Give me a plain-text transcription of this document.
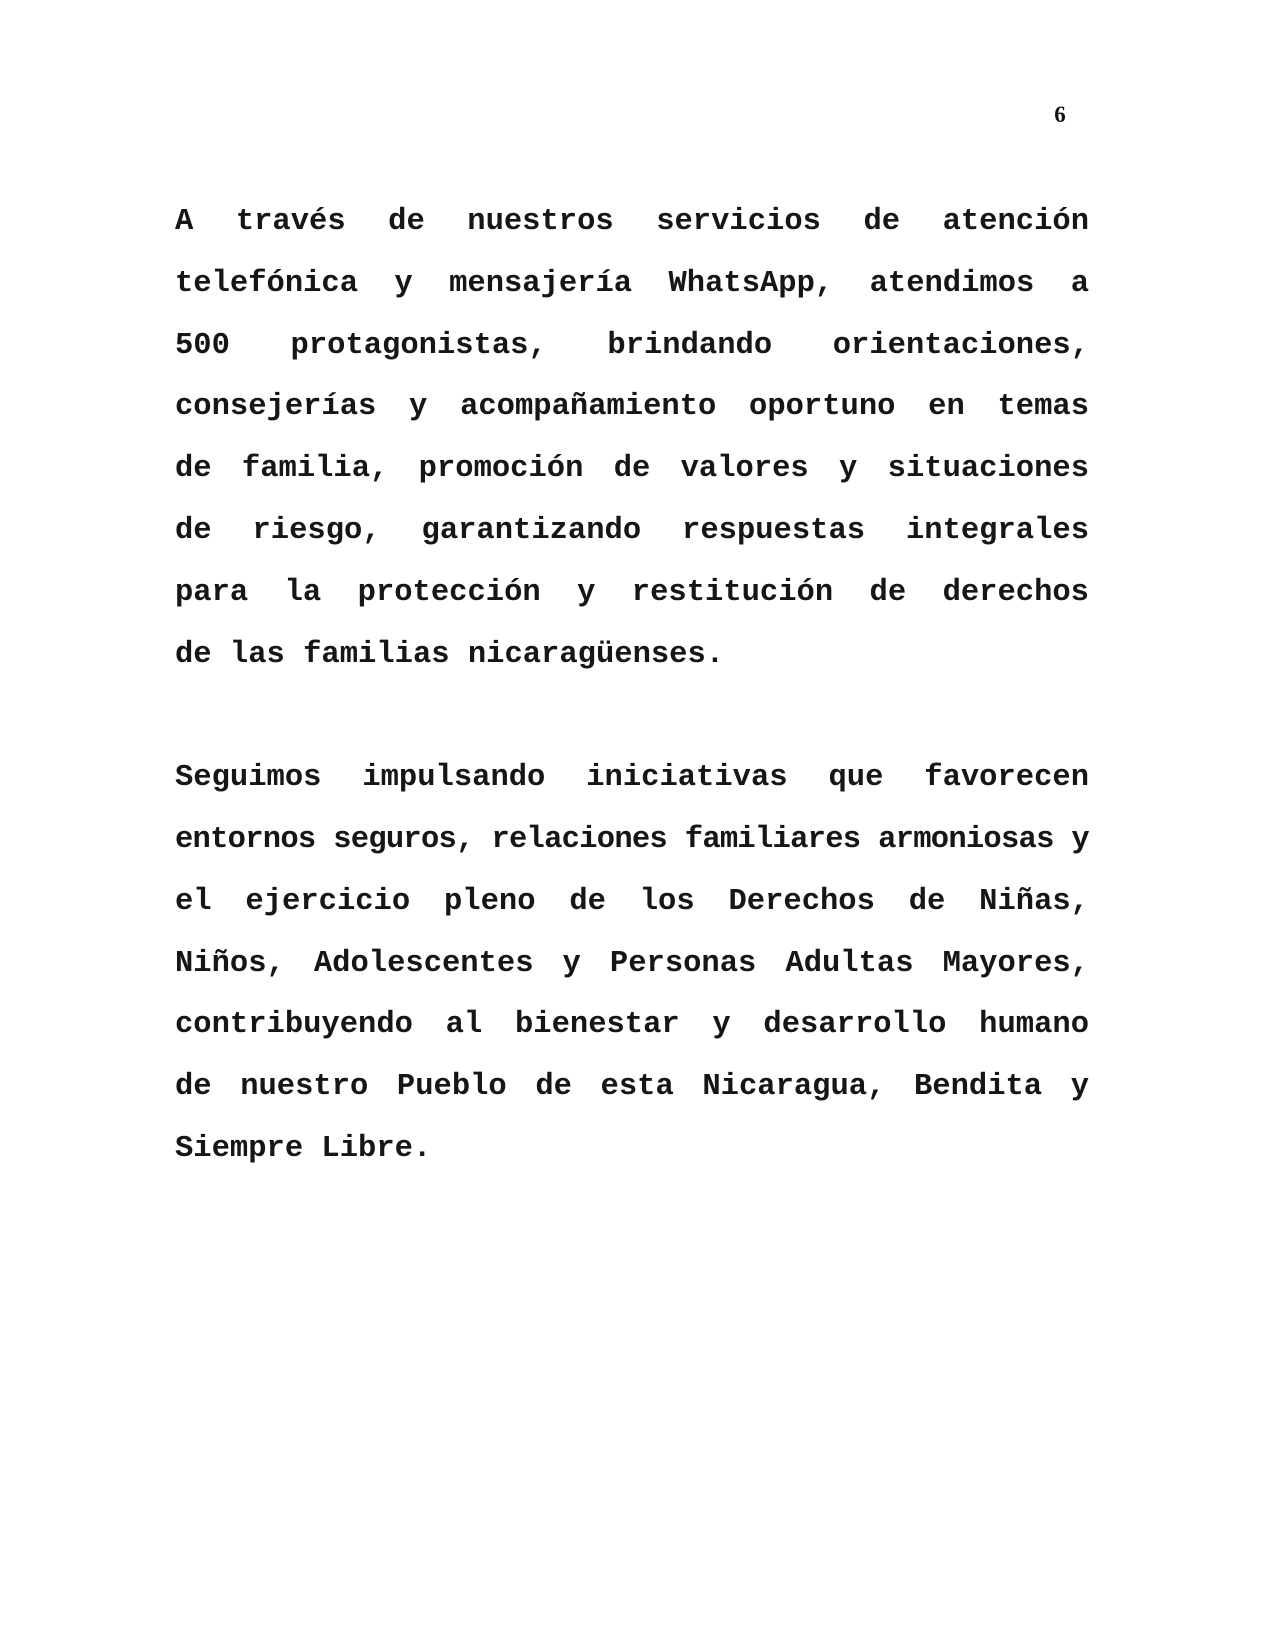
6

A través de nuestros servicios de atención
telefónica y mensajería WhatsApp, atendimos a
500 protagonistas, brindando orientaciones,
consejerías y acompañamiento oportuno en temas
de familia, promoción de valores y situaciones
de riesgo, garantizando respuestas integrales
para la protección y restitución de derechos
de las familias nicaragüenses.

Seguimos impulsando iniciativas que favorecen
entornos seguros, relaciones familiares armoniosas y
el ejercicio pleno de los Derechos de Niñas,
Niños, Adolescentes y Personas Adultas Mayores,
contribuyendo al bienestar y desarrollo humano
de nuestro Pueblo de esta Nicaragua, Bendita y
Siempre Libre.
